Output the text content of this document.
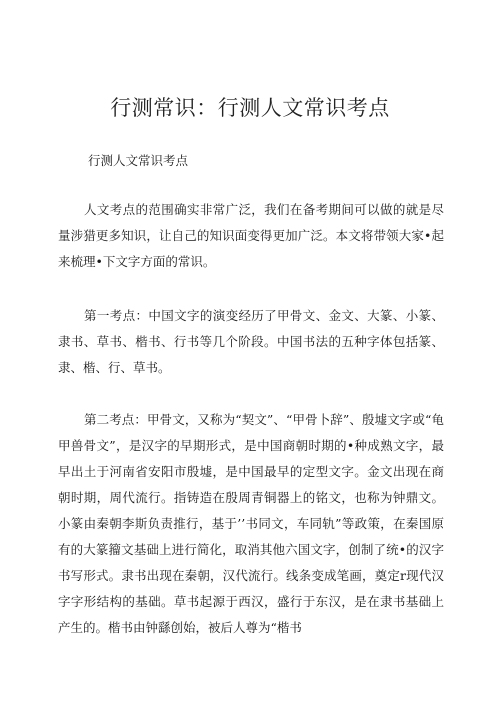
行测常识：行测人文常识考点

行测人文常识考点

人文考点的范围确实非常广泛，我们在备考期间可以做的就是尽量涉猎更多知识，让自己的知识面变得更加广泛。本文将带领大家•起来梳理•下文字方面的常识。

第一考点：中国文字的演变经历了甲骨文、金文、大篆、小篆、隶书、草书、楷书、行书等几个阶段。中国书法的五种字体包括篆、隶、楷、行、草书。

第二考点：甲骨文，又称为“契文”、“甲骨卜辞”、殷墟文字或“龟甲兽骨文”，是汉字的早期形式，是中国商朝时期的•种成熟文字，最早出土于河南省安阳市殷墟，是中国最早的定型文字。金文出现在商朝时期，周代流行。指铸造在殷周青铜器上的铭文，也称为钟鼎文。小篆由秦朝李斯负责推行，基于’’书同文，车同轨”等政策，在秦国原有的大篆籀文基础上进行简化，取消其他六国文字，创制了统•的汉字书写形式。隶书出现在秦朝，汉代流行。线条变成笔画，奠定r现代汉字字形结构的基础。草书起源于西汉，盛行于东汉，是在隶书基础上产生的。楷书由钟繇创始，被后人尊为“楷书
